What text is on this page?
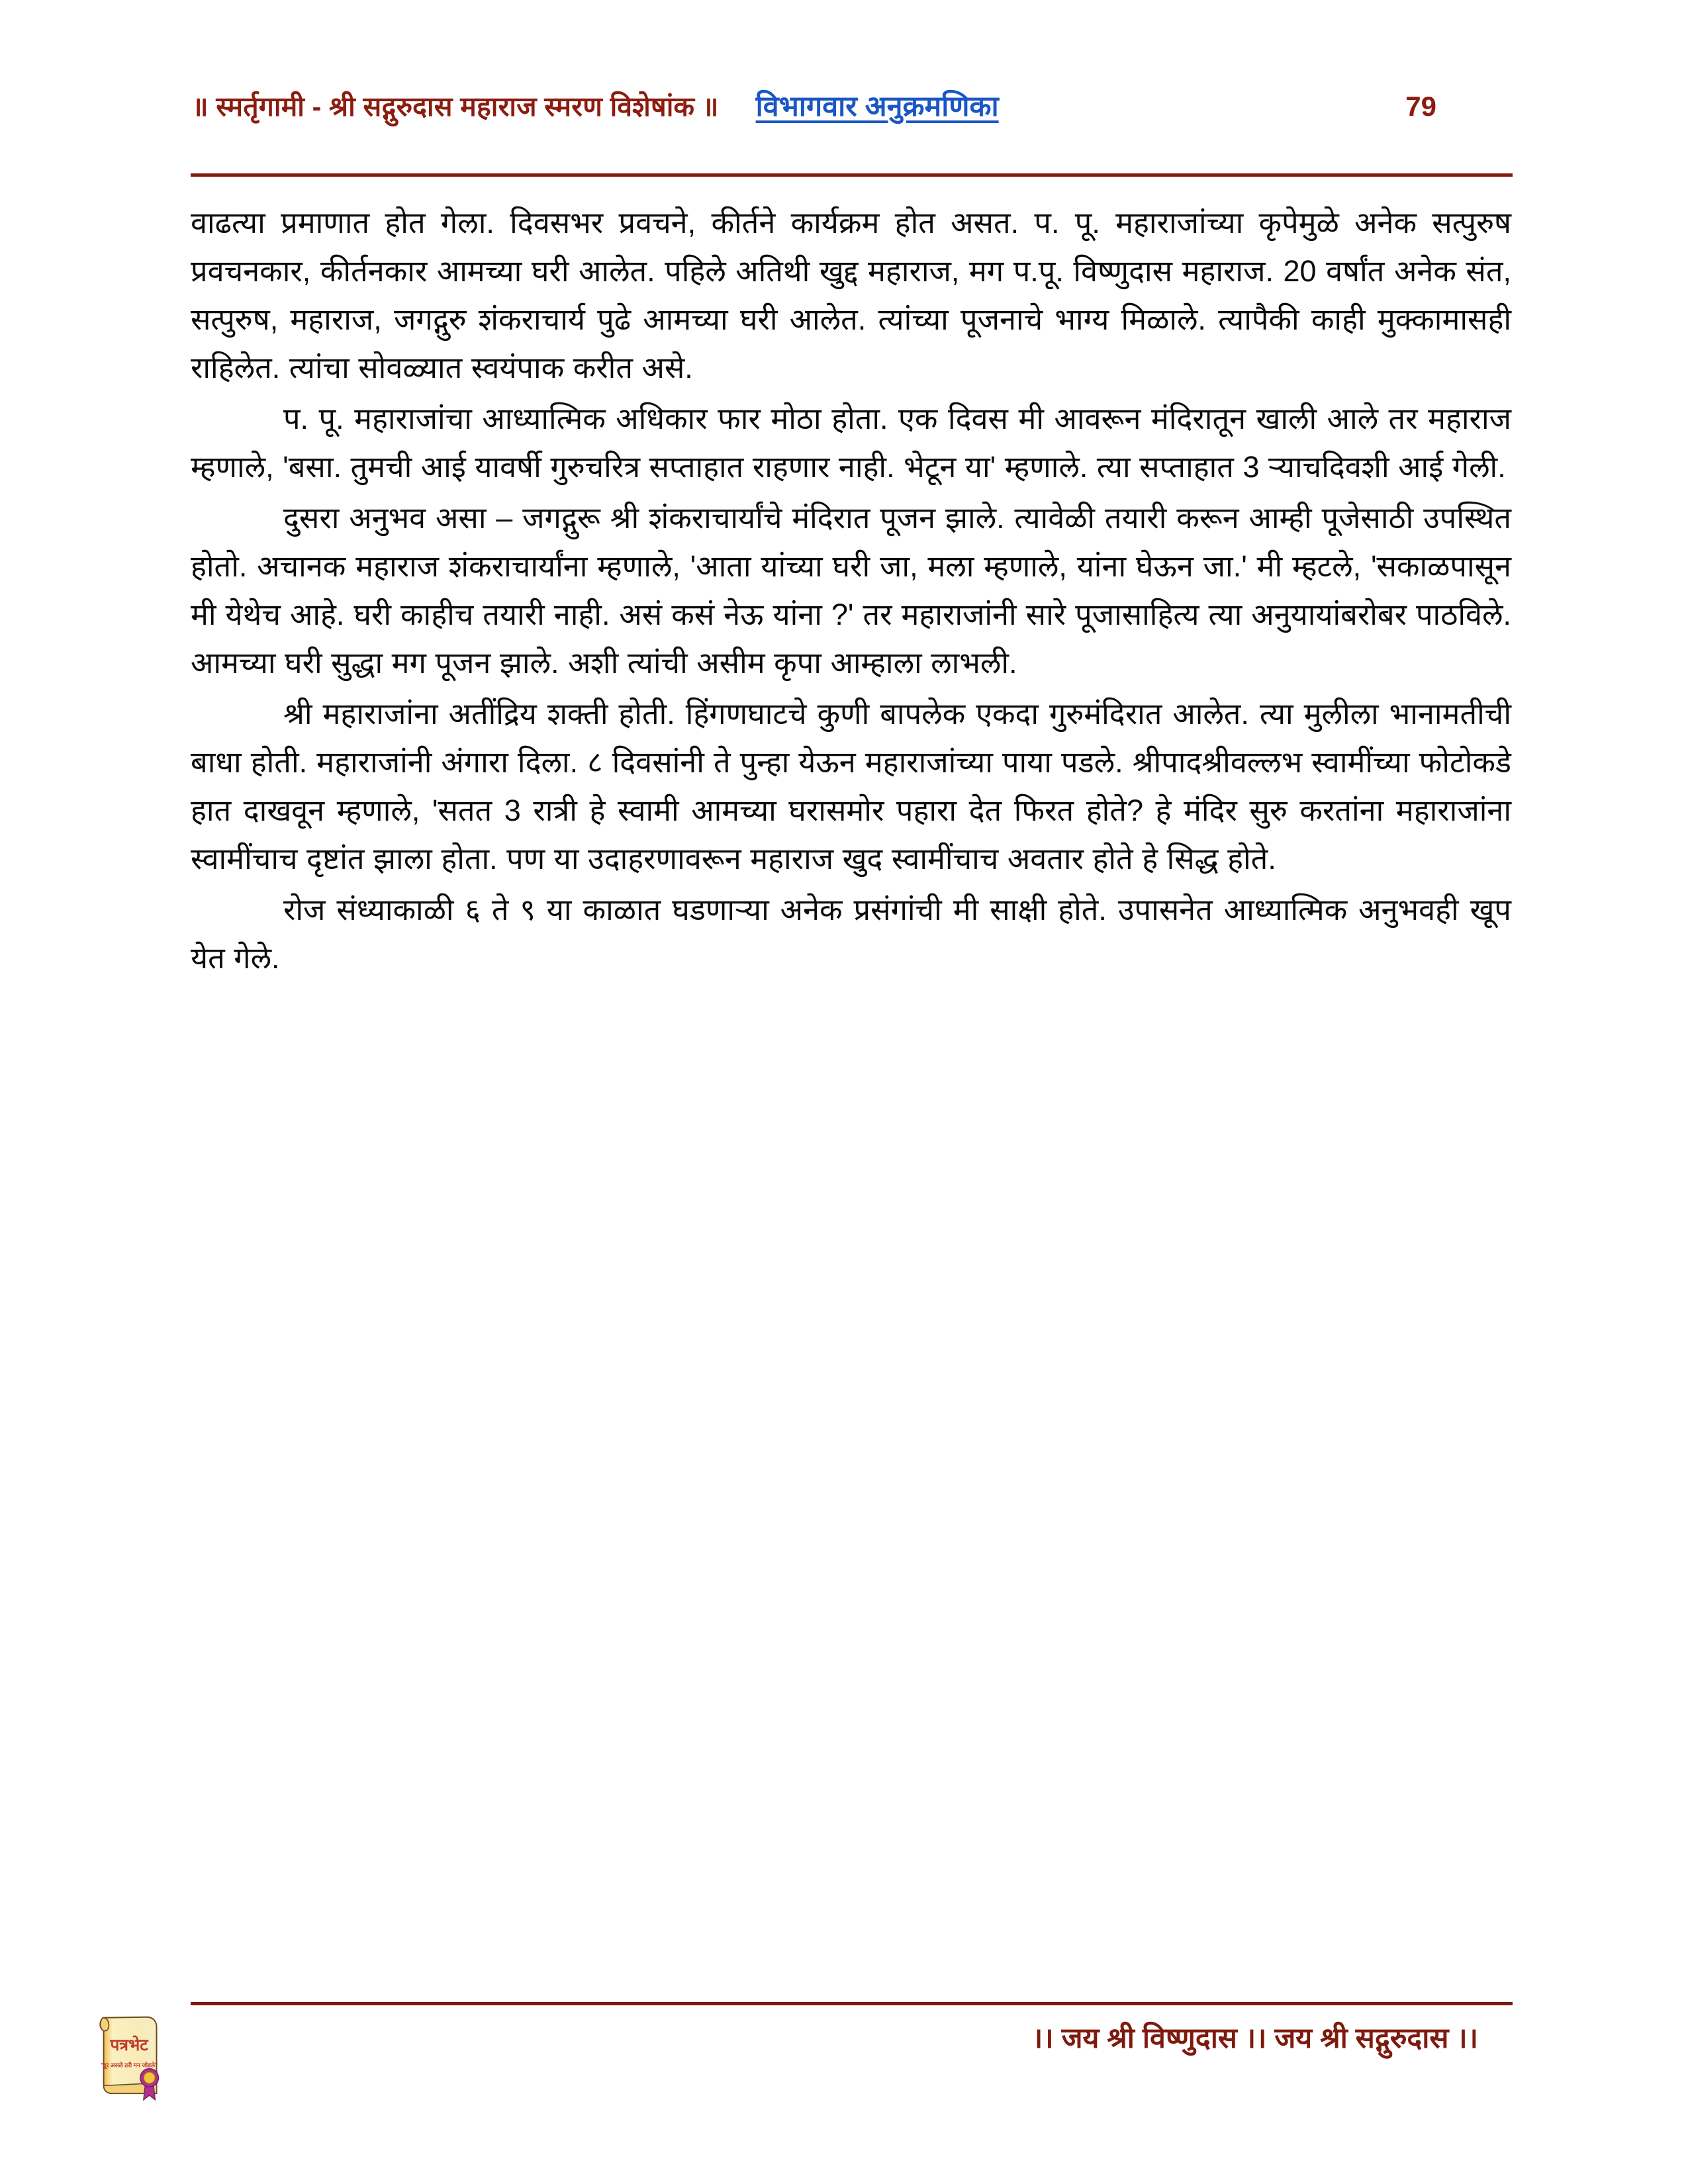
॥ स्मर्तृगामी - श्री सद्गुरुदास महाराज स्मरण विशेषांक ॥ विभागवार अनुक्रमणिका	79

वाढत्या प्रमाणात होत गेला. दिवसभर प्रवचने, कीर्तने कार्यक्रम होत असत. प. पू. महाराजांच्या कृपेमुळे अनेक सत्पुरुष प्रवचनकार, कीर्तनकार आमच्या घरी आलेत. पहिले अतिथी खुद्द महाराज, मग प.पू. विष्णुदास महाराज. 20 वर्षांत अनेक संत, सत्पुरुष, महाराज, जगद्गुरु शंकराचार्य पुढे आमच्या घरी आलेत. त्यांच्या पूजनाचे भाग्य मिळाले. त्यापैकी काही मुक्कामासही राहिलेत. त्यांचा सोवळ्यात स्वयंपाक करीत असे.

प. पू. महाराजांचा आध्यात्मिक अधिकार फार मोठा होता. एक दिवस मी आवरून मंदिरातून खाली आले तर महाराज म्हणाले, 'बसा. तुमची आई यावर्षी गुरुचरित्र सप्ताहात राहणार नाही. भेटून या' म्हणाले. त्या सप्ताहात 3 ऱ्याचदिवशी आई गेली.

दुसरा अनुभव असा – जगद्गुरू श्री शंकराचार्यांचे मंदिरात पूजन झाले. त्यावेळी तयारी करून आम्ही पूजेसाठी उपस्थित होतो. अचानक महाराज शंकराचार्यांना म्हणाले, 'आता यांच्या घरी जा, मला म्हणाले, यांना घेऊन जा.' मी म्हटले, 'सकाळपासून मी येथेच आहे. घरी काहीच तयारी नाही. असं कसं नेऊ यांना ?' तर महाराजांनी सारे पूजासाहित्य त्या अनुयायांबरोबर पाठविले. आमच्या घरी सुद्धा मग पूजन झाले. अशी त्यांची असीम कृपा आम्हाला लाभली.

श्री महाराजांना अतींद्रिय शक्ती होती. हिंगणघाटचे कुणी बापलेक एकदा गुरुमंदिरात आलेत. त्या मुलीला भानामतीची बाधा होती. महाराजांनी अंगारा दिला. ८ दिवसांनी ते पुन्हा येऊन महाराजांच्या पाया पडले. श्रीपादश्रीवल्लभ स्वामींच्या फोटोकडे हात दाखवून म्हणाले, 'सतत 3 रात्री हे स्वामी आमच्या घरासमोर पहारा देत फिरत होते? हे मंदिर सुरु करतांना महाराजांना स्वामींचाच दृष्टांत झाला होता. पण या उदाहरणावरून महाराज खुद स्वामींचाच अवतार होते हे सिद्ध होते.

रोज संध्याकाळी ६ ते ९ या काळात घडणाऱ्या अनेक प्रसंगांची मी साक्षी होते. उपासनेत आध्यात्मिक अनुभवही खूप येत गेले.

।। जय श्री विष्णुदास ।। जय श्री सद्गुरुदास ।।
पत्रभेट
"दूर असले तरी मन जोडले"
